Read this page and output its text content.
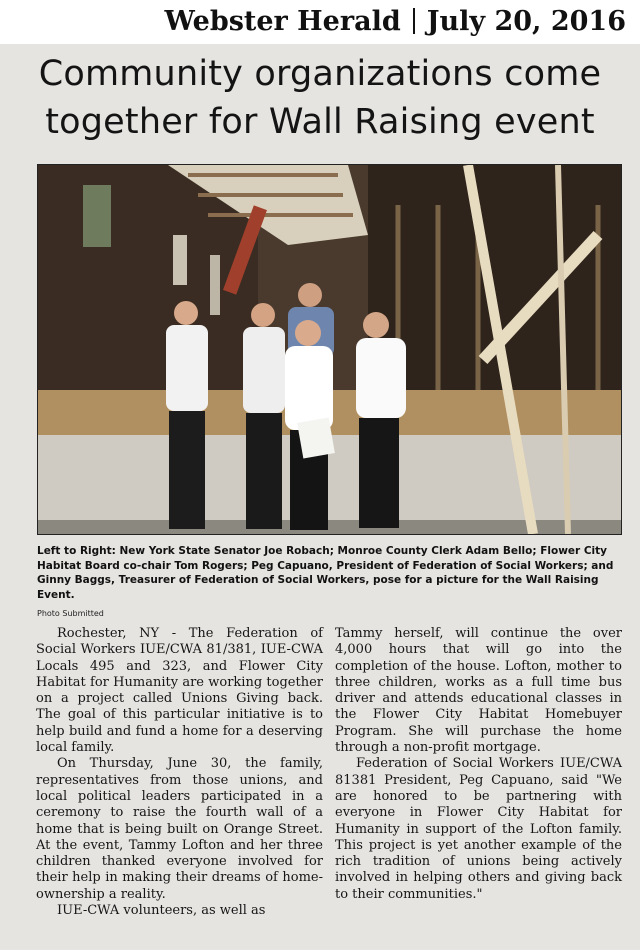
Webster Herald July 20, 2016
Community organizations come
together for Wall Raising event
Left to Right: New York State Senator Joe Robach; Monroe County Clerk Adam Bello; Flower City Habitat Board co-chair Tom Rogers; Peg Capuano, President of Federation of Social Workers; and Ginny Baggs, Treasurer of Federation of Social Workers, pose for a picture for the Wall Raising Event.
Photo Submitted

Rochester, NY - The Federation of Social Workers IUE/CWA 81/381, IUE-CWA Locals 495 and 323, and Flower City Habitat for Humanity are working together on a project called Unions Giving back. The goal of this particular initiative is to help build and fund a home for a deserving local family.

On Thursday, June 30, the family, representatives from those unions, and local political leaders participated in a ceremony to raise the fourth wall of a home that is being built on Orange Street. At the event, Tammy Lofton and her three children thanked everyone involved for their help in making their dreams of home-ownership a reality.

IUE-CWA volunteers, as well as

Tammy herself, will continue the over 4,000 hours that will go into the completion of the house. Lofton, mother to three children, works as a full time bus driver and attends educational classes in the Flower City Habitat Homebuyer Program. She will purchase the home through a non-profit mortgage.

Federation of Social Workers IUE/CWA 81381 President, Peg Capuano, said "We are honored to be partnering with everyone in Flower City Habitat for Humanity in support of the Lofton family. This project is yet another example of the rich tradition of unions being actively involved in helping others and giving back to their communities."
